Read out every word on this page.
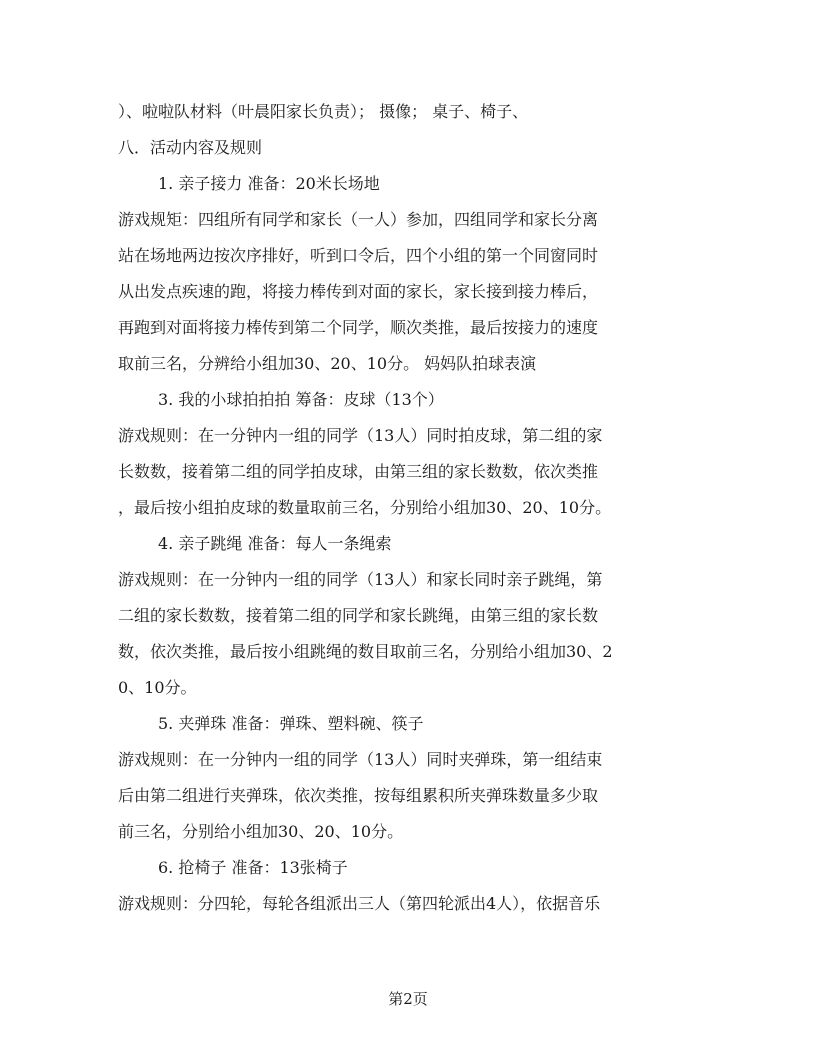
）、啦啦队材料（叶晨阳家长负责）； 摄像； 桌子、椅子、
八．活动内容及规则
1. 亲子接力 准备：20米长场地
游戏规矩：四组所有同学和家长（一人）参加，四组同学和家长分离
站在场地两边按次序排好，听到口令后，四个小组的第一个同窗同时
从出发点疾速的跑，将接力棒传到对面的家长，家长接到接力棒后，
再跑到对面将接力棒传到第二个同学，顺次类推，最后按接力的速度
取前三名，分辨给小组加30、20、10分。 妈妈队拍球表演
3. 我的小球拍拍拍 筹备：皮球（13个）
游戏规则：在一分钟内一组的同学（13人）同时拍皮球，第二组的家
长数数，接着第二组的同学拍皮球，由第三组的家长数数，依次类推
，最后按小组拍皮球的数量取前三名，分别给小组加30、20、10分。
4. 亲子跳绳 准备：每人一条绳索
游戏规则：在一分钟内一组的同学（13人）和家长同时亲子跳绳，第
二组的家长数数，接着第二组的同学和家长跳绳，由第三组的家长数
数，依次类推，最后按小组跳绳的数目取前三名，分别给小组加30、2
0、10分。
5. 夹弹珠 准备：弹珠、塑料碗、筷子
游戏规则：在一分钟内一组的同学（13人）同时夹弹珠，第一组结束
后由第二组进行夹弹珠，依次类推，按每组累积所夹弹珠数量多少取
前三名，分别给小组加30、20、10分。
6. 抢椅子 准备：13张椅子
游戏规则：分四轮，每轮各组派出三人（第四轮派出4人），依据音乐
第2页
